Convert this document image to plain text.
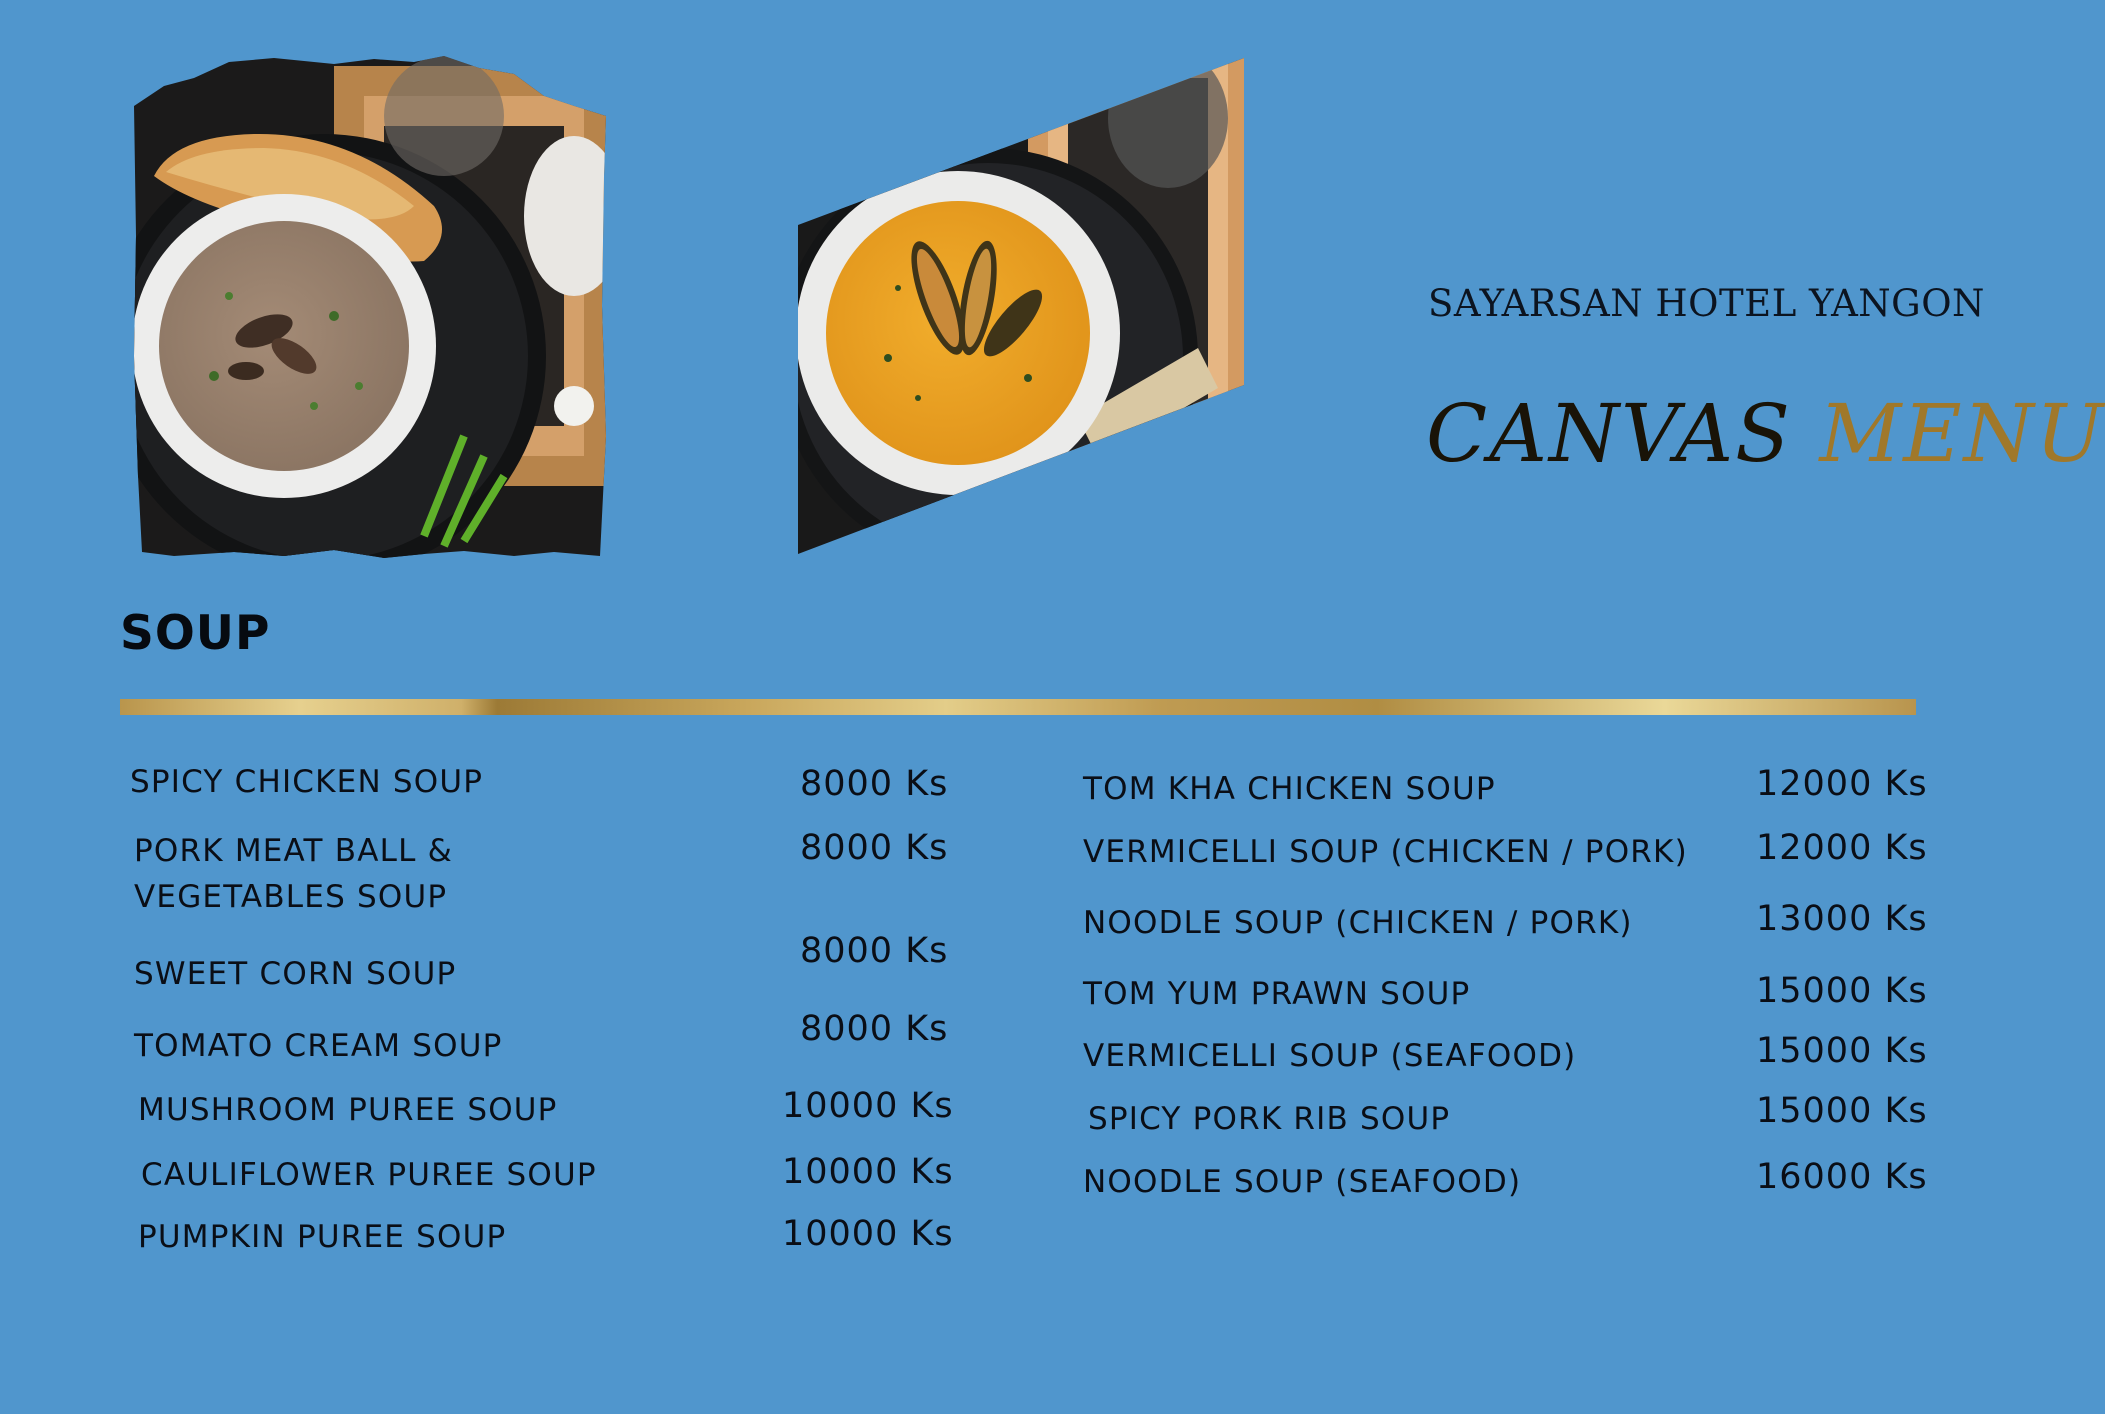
SAYARSAN HOTEL YANGON
CANVAS MENU
SOUP
SPICY CHICKEN SOUP	8000 Ks
PORK MEAT BALL &
VEGETABLES SOUP
8000 Ks
SWEET CORN SOUP
8000 Ks
TOMATO CREAM SOUP	8000 Ks
MUSHROOM PUREE SOUP	10000 Ks
CAULIFLOWER PUREE SOUP	10000 Ks
PUMPKIN PUREE SOUP	10000 Ks
TOM KHA CHICKEN SOUP	12000 Ks
VERMICELLI SOUP (CHICKEN / PORK) 12000 Ks
NOODLE SOUP (CHICKEN / PORK)	13000 Ks
TOM YUM PRAWN SOUP	15000 Ks
VERMICELLI SOUP (SEAFOOD)	15000 Ks
SPICY PORK RIB SOUP	15000 Ks
NOODLE SOUP (SEAFOOD)	16000 Ks
